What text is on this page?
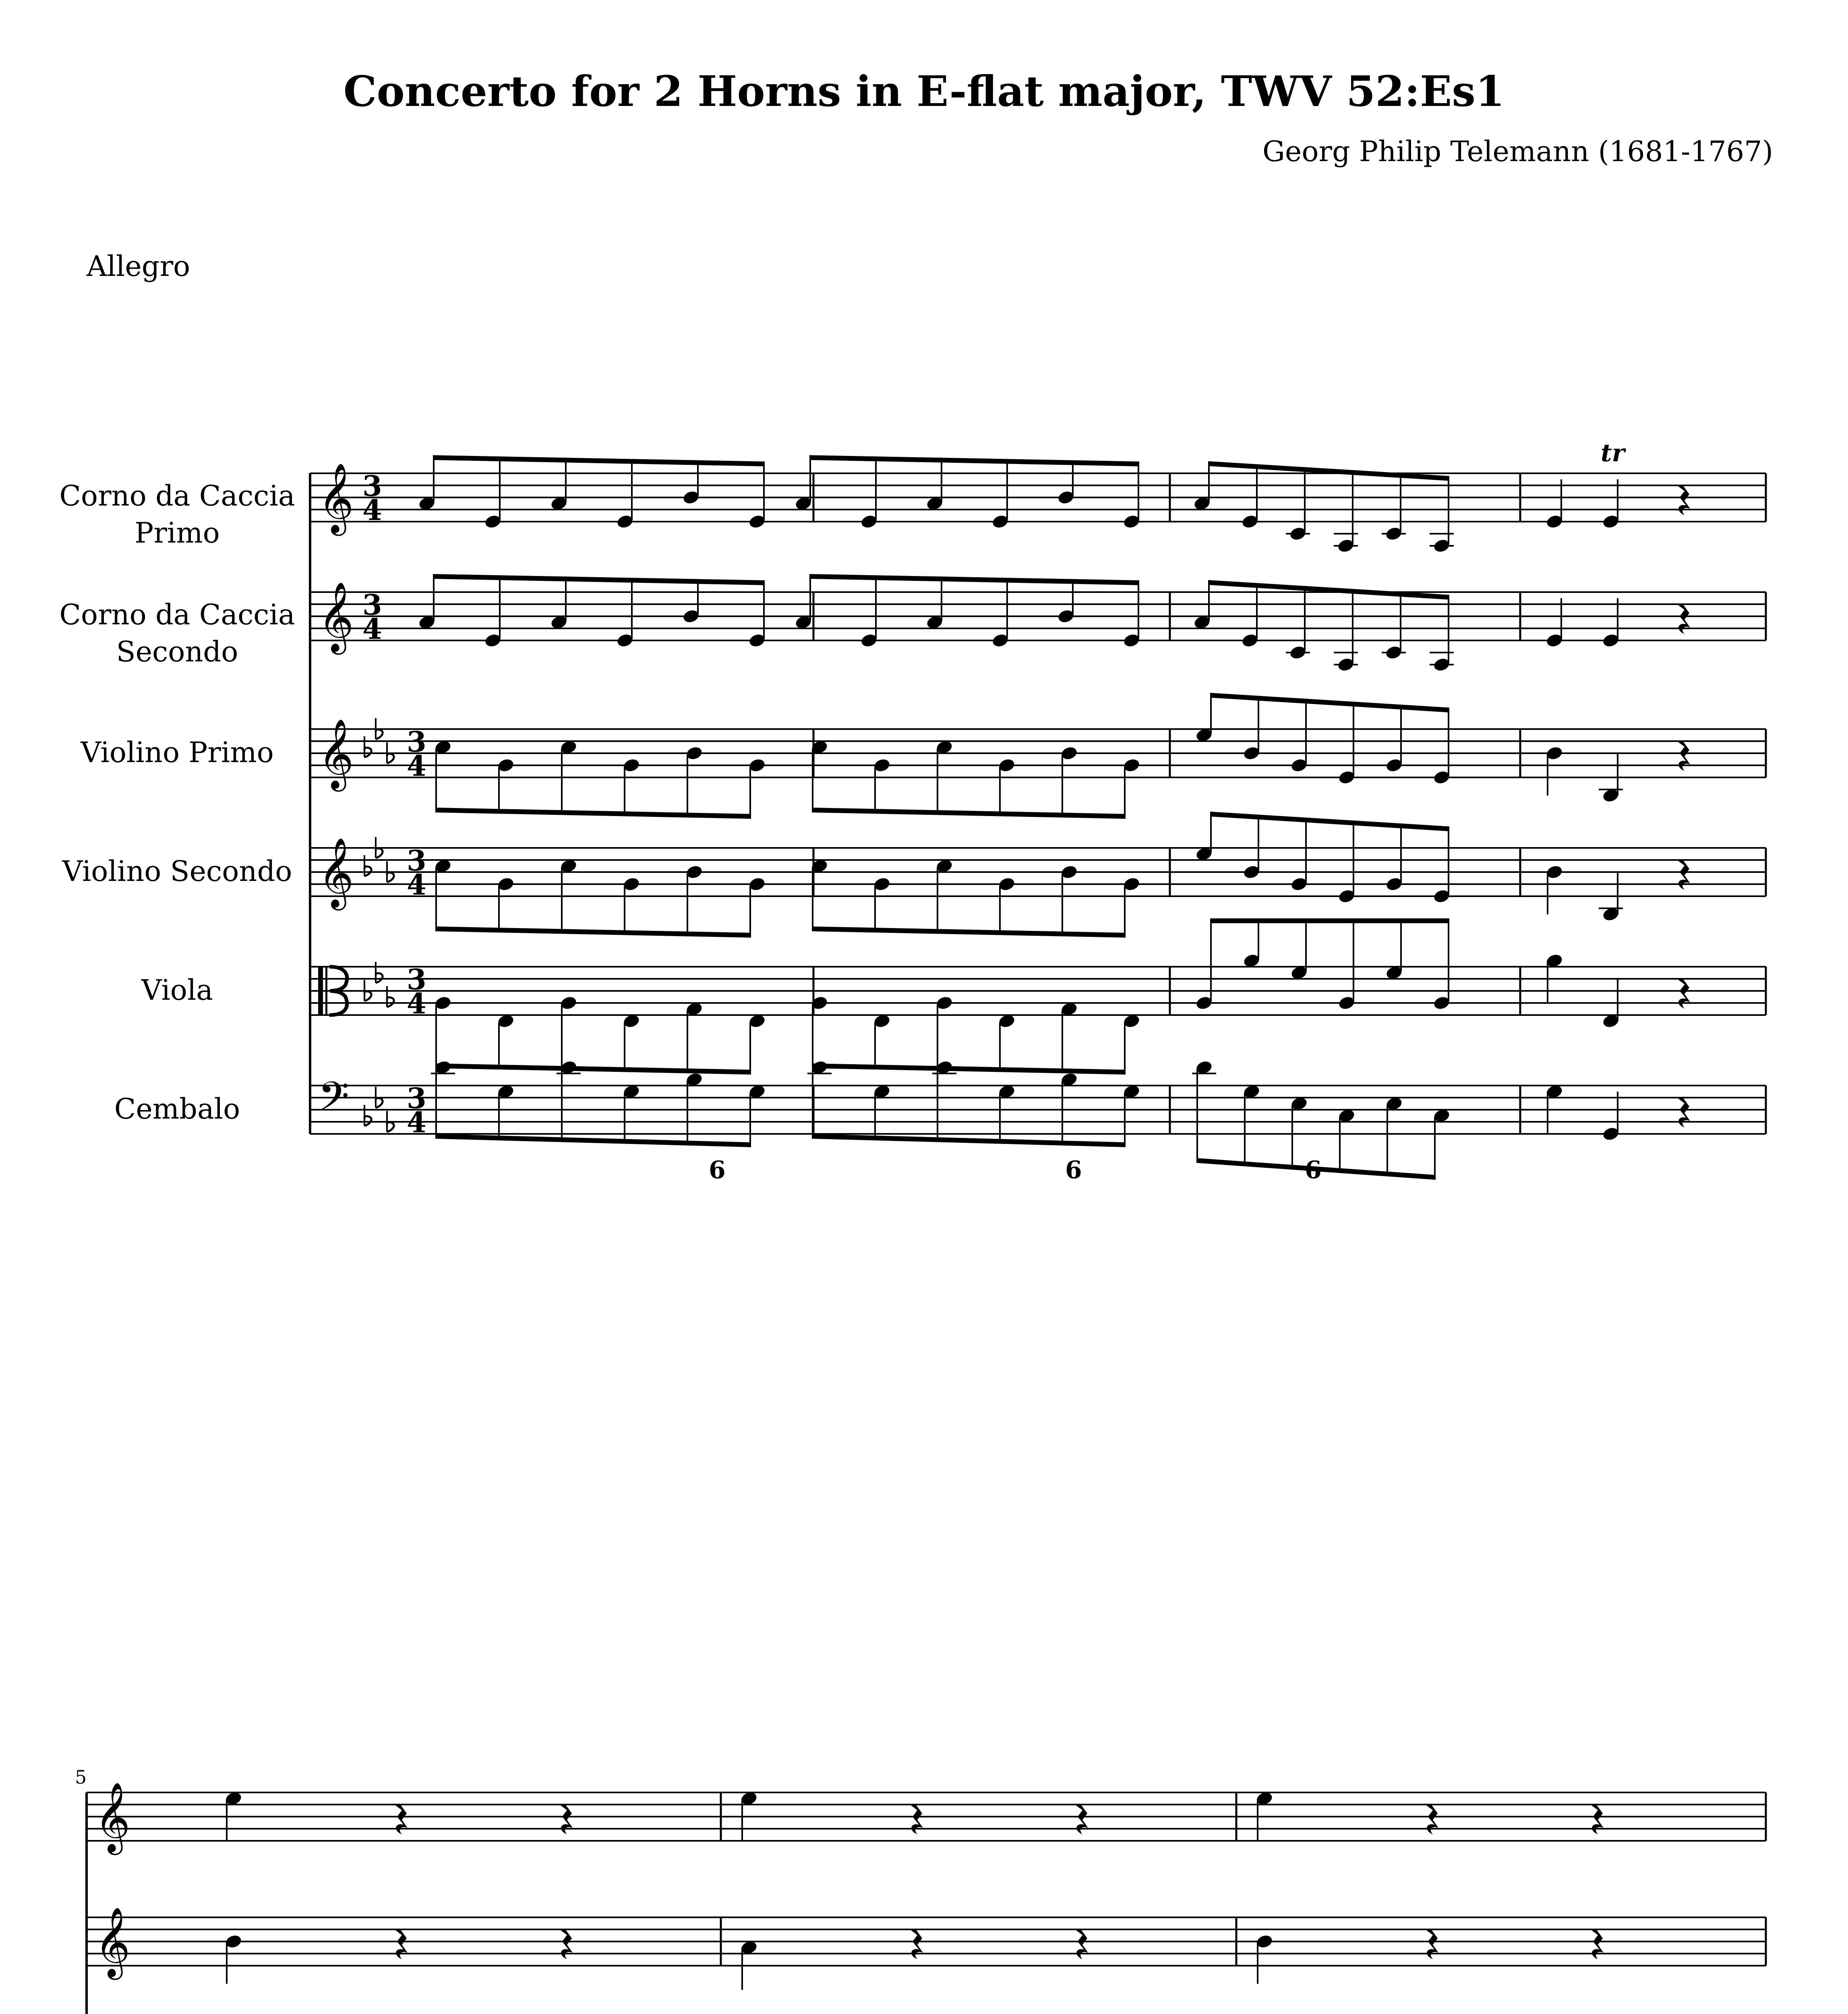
Concerto for 2 Horns in E-flat major, TWV 52:Es1
Georg Philip Telemann (1681-1767)
Allegro
Corno da Caccia
Primo
Corno da Caccia
Secondo
Violino Primo
Violino Secondo
Viola
Cembalo
5
𝄞
𝄞
𝄞
𝄞
𝄢
3
4
3
4
3
4
3
4
3
4
3
4
tr
6	6	6
𝄞
𝄞
